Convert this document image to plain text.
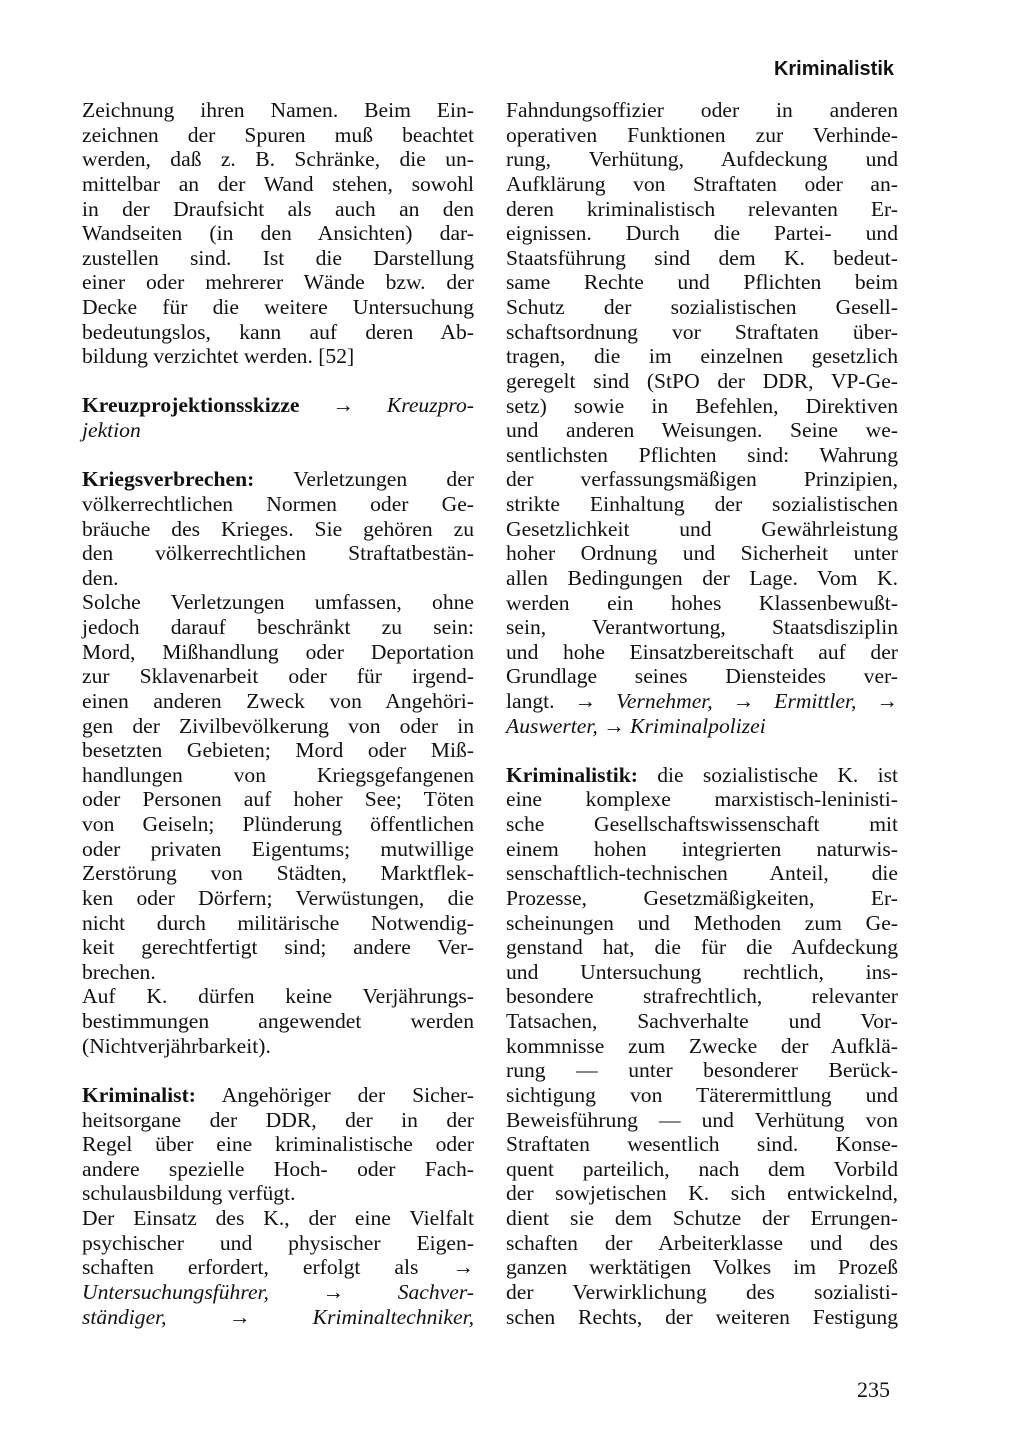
Kriminalistik
Zeichnung ihren Namen. Beim Ein-
zeichnen der Spuren muß beachtet
werden, daß z. B. Schränke, die un-
mittelbar an der Wand stehen, sowohl
in der Draufsicht als auch an den
Wandseiten (in den Ansichten) dar-
zustellen sind. Ist die Darstellung
einer oder mehrerer Wände bzw. der
Decke für die weitere Untersuchung
bedeutungslos, kann auf deren Ab-
bildung verzichtet werden. [52]
Kreuzprojektionsskizze → Kreuzpro-
jektion
Kriegsverbrechen: Verletzungen der
völkerrechtlichen Normen oder Ge-
bräuche des Krieges. Sie gehören zu
den völkerrechtlichen Straftatbestän-
den.
Solche Verletzungen umfassen, ohne
jedoch darauf beschränkt zu sein:
Mord, Mißhandlung oder Deportation
zur Sklavenarbeit oder für irgend-
einen anderen Zweck von Angehöri-
gen der Zivilbevölkerung von oder in
besetzten Gebieten; Mord oder Miß-
handlungen von Kriegsgefangenen
oder Personen auf hoher See; Töten
von Geiseln; Plünderung öffentlichen
oder privaten Eigentums; mutwillige
Zerstörung von Städten, Marktflek-
ken oder Dörfern; Verwüstungen, die
nicht durch militärische Notwendig-
keit gerechtfertigt sind; andere Ver-
brechen.
Auf K. dürfen keine Verjährungs-
bestimmungen angewendet werden
(Nichtverjährbarkeit).
Kriminalist: Angehöriger der Sicher-
heitsorgane der DDR, der in der
Regel über eine kriminalistische oder
andere spezielle Hoch- oder Fach-
schulausbildung verfügt.
Der Einsatz des K., der eine Vielfalt
psychischer und physischer Eigen-
schaften erfordert, erfolgt als →
Untersuchungsführer, → Sachver-
ständiger, → Kriminaltechniker,
Fahndungsoffizier oder in anderen
operativen Funktionen zur Verhinde-
rung, Verhütung, Aufdeckung und
Aufklärung von Straftaten oder an-
deren kriminalistisch relevanten Er-
eignissen. Durch die Partei- und
Staatsführung sind dem K. bedeut-
same Rechte und Pflichten beim
Schutz der sozialistischen Gesell-
schaftsordnung vor Straftaten über-
tragen, die im einzelnen gesetzlich
geregelt sind (StPO der DDR, VP-Ge-
setz) sowie in Befehlen, Direktiven
und anderen Weisungen. Seine we-
sentlichsten Pflichten sind: Wahrung
der verfassungsmäßigen Prinzipien,
strikte Einhaltung der sozialistischen
Gesetzlichkeit und Gewährleistung
hoher Ordnung und Sicherheit unter
allen Bedingungen der Lage. Vom K.
werden ein hohes Klassenbewußt-
sein, Verantwortung, Staatsdisziplin
und hohe Einsatzbereitschaft auf der
Grundlage seines Diensteides ver-
langt. → Vernehmer, → Ermittler, →
Auswerter, → Kriminalpolizei
Kriminalistik: die sozialistische K. ist
eine komplexe marxistisch-leninisti-
sche Gesellschaftswissenschaft mit
einem hohen integrierten naturwis-
senschaftlich-technischen Anteil, die
Prozesse, Gesetzmäßigkeiten, Er-
scheinungen und Methoden zum Ge-
genstand hat, die für die Aufdeckung
und Untersuchung rechtlich, ins-
besondere strafrechtlich, relevanter
Tatsachen, Sachverhalte und Vor-
kommnisse zum Zwecke der Aufklä-
rung — unter besonderer Berück-
sichtigung von Täterermittlung und
Beweisführung — und Verhütung von
Straftaten wesentlich sind. Konse-
quent parteilich, nach dem Vorbild
der sowjetischen K. sich entwickelnd,
dient sie dem Schutze der Errungen-
schaften der Arbeiterklasse und des
ganzen werktätigen Volkes im Prozeß
der Verwirklichung des sozialisti-
schen Rechts, der weiteren Festigung
235
